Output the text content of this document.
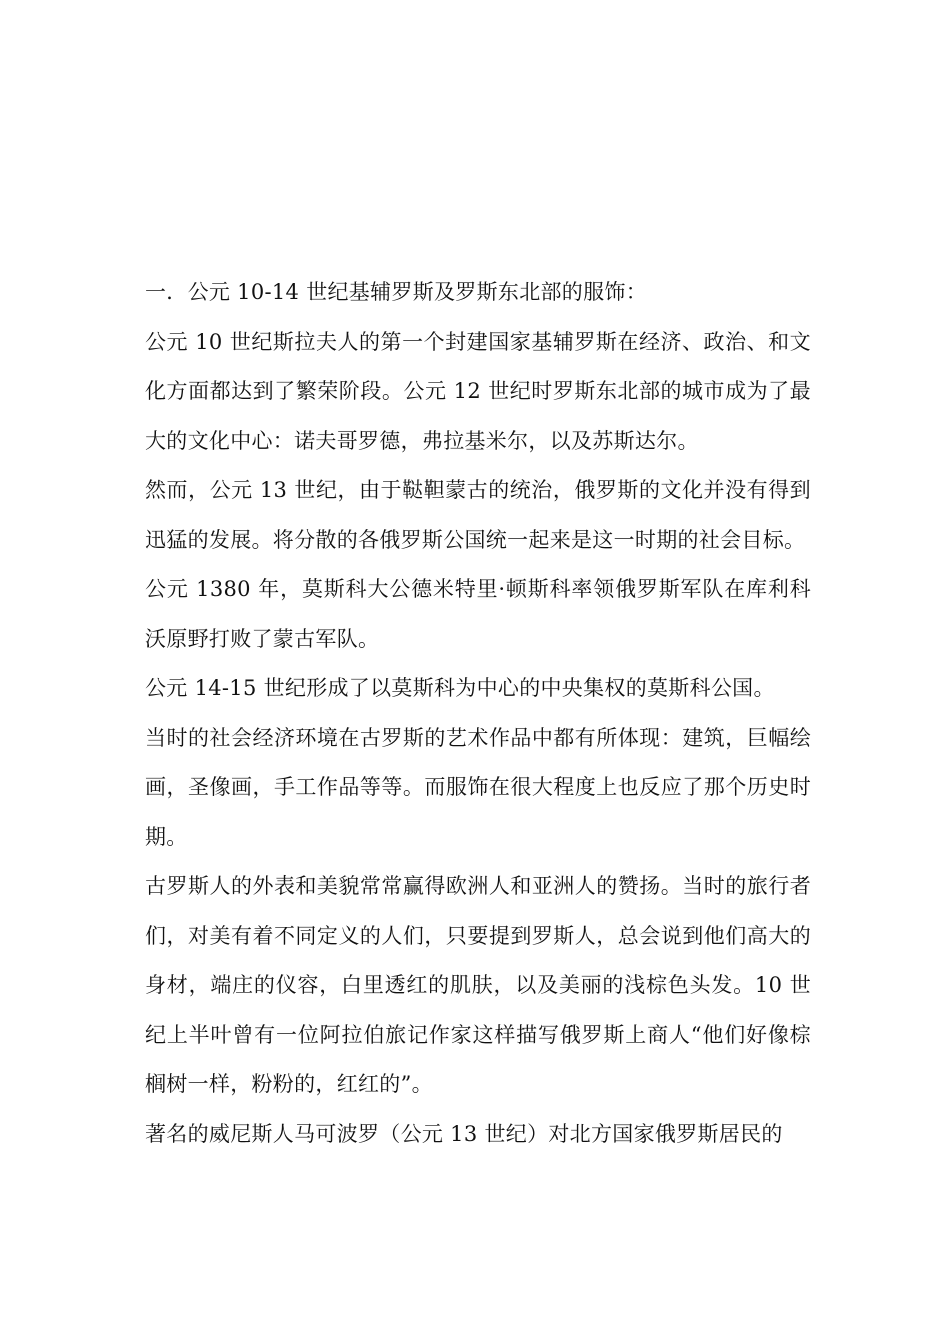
一．公元 10-14 世纪基辅罗斯及罗斯东北部的服饰：

公元 10 世纪斯拉夫人的第一个封建国家基辅罗斯在经济、政治、和文化方面都达到了繁荣阶段。公元 12 世纪时罗斯东北部的城市成为了最大的文化中心：诺夫哥罗德，弗拉基米尔，以及苏斯达尔。

然而，公元 13 世纪，由于鞑靼蒙古的统治，俄罗斯的文化并没有得到迅猛的发展。将分散的各俄罗斯公国统一起来是这一时期的社会目标。

公元 1380 年，莫斯科大公德米特里·顿斯科率领俄罗斯军队在库利科沃原野打败了蒙古军队。

公元 14-15 世纪形成了以莫斯科为中心的中央集权的莫斯科公国。

当时的社会经济环境在古罗斯的艺术作品中都有所体现：建筑，巨幅绘画，圣像画，手工作品等等。而服饰在很大程度上也反应了那个历史时期。

古罗斯人的外表和美貌常常赢得欧洲人和亚洲人的赞扬。当时的旅行者们，对美有着不同定义的人们，只要提到罗斯人，总会说到他们高大的身材，端庄的仪容，白里透红的肌肤，以及美丽的浅棕色头发。10 世纪上半叶曾有一位阿拉伯旅记作家这样描写俄罗斯上商人“他们好像棕榈树一样，粉粉的，红红的”。

著名的威尼斯人马可波罗（公元 13 世纪）对北方国家俄罗斯居民的
